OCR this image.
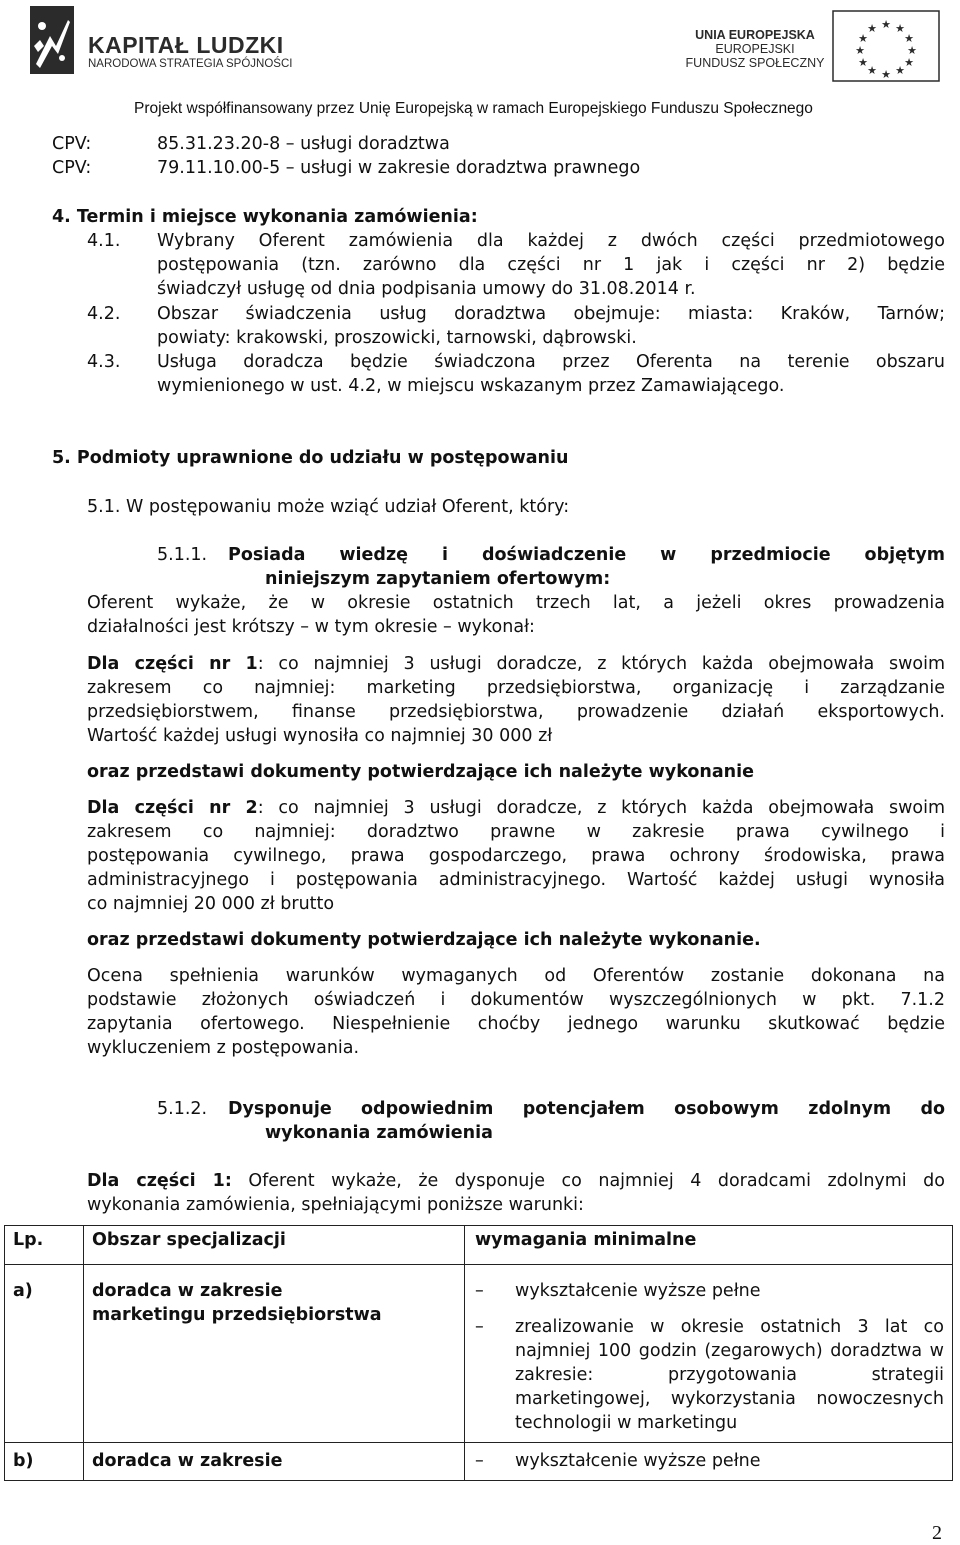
KAPITAŁ LUDZKI
NARODOWA STRATEGIA SPÓJNOŚCI
UNIA EUROPEJSKA
EUROPEJSKI
FUNDUSZ SPOŁECZNY
★ ★
★
★
★
★
★
★
★
★
★
★
Projekt współfinansowany przez Unię Europejską w ramach Europejskiego Funduszu Społecznego
CPV:	85.31.23.20-8 – usługi doradztwa
CPV:	79.11.10.00-5 – usługi w zakresie doradztwa prawnego
4. Termin i miejsce wykonania zamówienia:
4.1. Wybrany Oferent zamówienia dla każdej z dwóch części przedmiotowego
postępowania (tzn. zarówno dla części nr 1 jak i części nr 2) będzie
świadczył usługę od dnia podpisania umowy do 31.08.2014 r.
4.2. Obszar świadczenia usług doradztwa obejmuje: miasta: Kraków, Tarnów;
powiaty: krakowski, proszowicki, tarnowski, dąbrowski.
4.3. Usługa doradcza będzie świadczona przez Oferenta na terenie obszaru
wymienionego w ust. 4.2, w miejscu wskazanym przez Zamawiającego.
5. Podmioty uprawnione do udziału w postępowaniu
5.1. W postępowaniu może wziąć udział Oferent, który:
5.1.1. Posiada wiedzę i doświadczenie w przedmiocie objętym
niniejszym zapytaniem ofertowym:
Oferent wykaże, że w okresie ostatnich trzech lat, a jeżeli okres prowadzenia
działalności jest krótszy – w tym okresie – wykonał:
Dla części nr 1: co najmniej 3 usługi doradcze, z których każda obejmowała swoim
zakresem co najmniej: marketing przedsiębiorstwa, organizację i zarządzanie
przedsiębiorstwem, finanse przedsiębiorstwa, prowadzenie działań eksportowych.
Wartość każdej usługi wynosiła co najmniej 30 000 zł
oraz przedstawi dokumenty potwierdzające ich należyte wykonanie
Dla części nr 2: co najmniej 3 usługi doradcze, z których każda obejmowała swoim
zakresem co najmniej: doradztwo prawne w zakresie prawa cywilnego i
postępowania cywilnego, prawa gospodarczego, prawa ochrony środowiska, prawa
administracyjnego i postępowania administracyjnego. Wartość każdej usługi wynosiła
co najmniej 20 000 zł brutto
oraz przedstawi dokumenty potwierdzające ich należyte wykonanie.
Ocena spełnienia warunków wymaganych od Oferentów zostanie dokonana na
podstawie złożonych oświadczeń i dokumentów wyszczególnionych w pkt. 7.1.2
zapytania ofertowego. Niespełnienie choćby jednego warunku skutkować będzie
wykluczeniem z postępowania.
5.1.2. Dysponuje odpowiednim potencjałem osobowym zdolnym do
wykonania zamówienia
Dla części 1: Oferent wykaże, że dysponuje co najmniej 4 doradcami zdolnymi do
wykonania zamówienia, spełniającymi poniższe warunki:
Lp.	Obszar specjalizacji	wymagania minimalne
a)	doradca w zakresie marketingu przedsiębiorstwa	– wykształcenie wyższe pełne
– zrealizowanie w okresie ostatnich 3 lat co najmniej 100 godzin (zegarowych) doradztwa w zakresie: przygotowania strategii marketingowej, wykorzystania nowoczesnych technologii w marketingu

b)	doradca w zakresie	– wykształcenie wyższe pełne
2
